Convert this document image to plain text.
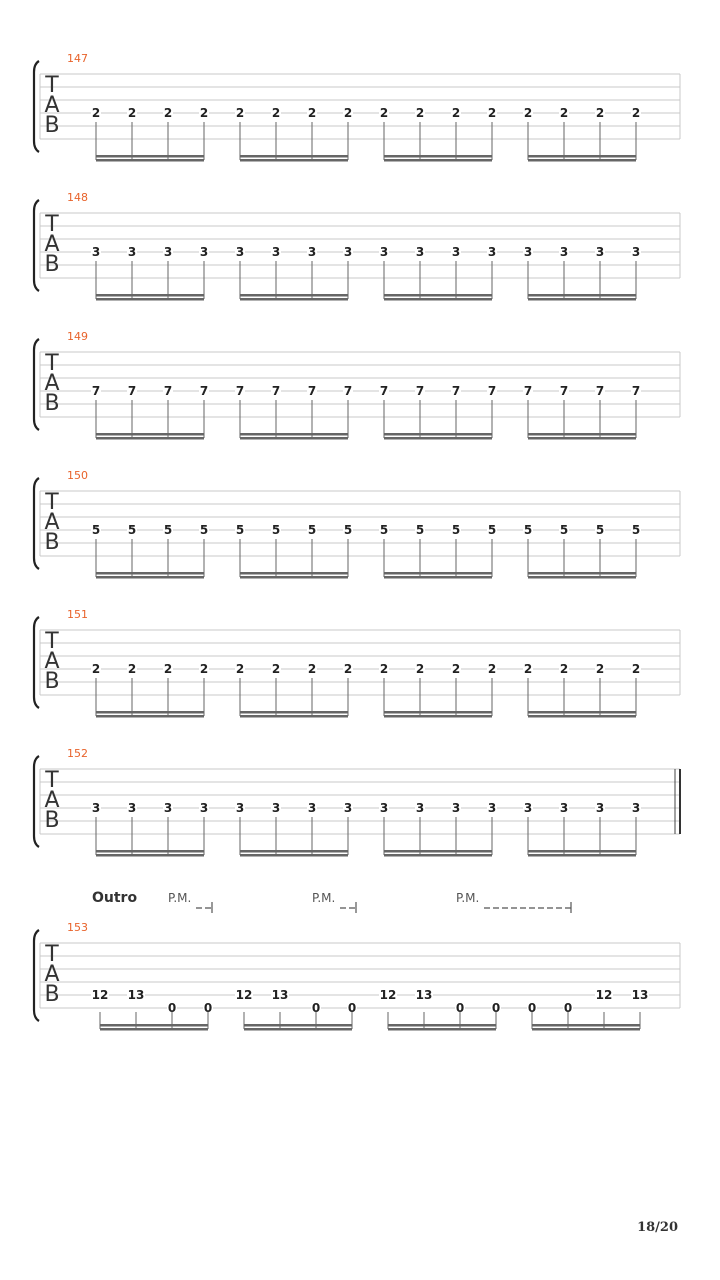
147
T
A
B	2 2 2 2 2 2 2 2 2 2 2 2 2 2 2 2
148
T
A
B	3 3 3 3 3 3 3 3 3 3 3 3 3 3 3 3
149
T
A
B	7 7 7 7 7 7 7 7 7 7 7 7 7 7 7 7
150
T
A
B	5 5 5 5 5 5 5 5 5 5 5 5 5 5 5 5
151
T
A
B	2 2 2 2 2 2 2 2 2 2 2 2 2 2 2 2
152
T
A
B	3 3 3 3 3 3 3 3 3 3 3 3 3 3 3 3
Outro	P.M.	P.M.	P.M.
153
T
A
B	12 13
0 0
12 13
0 0
12 13
0 0 0 0
12 13
18/20
